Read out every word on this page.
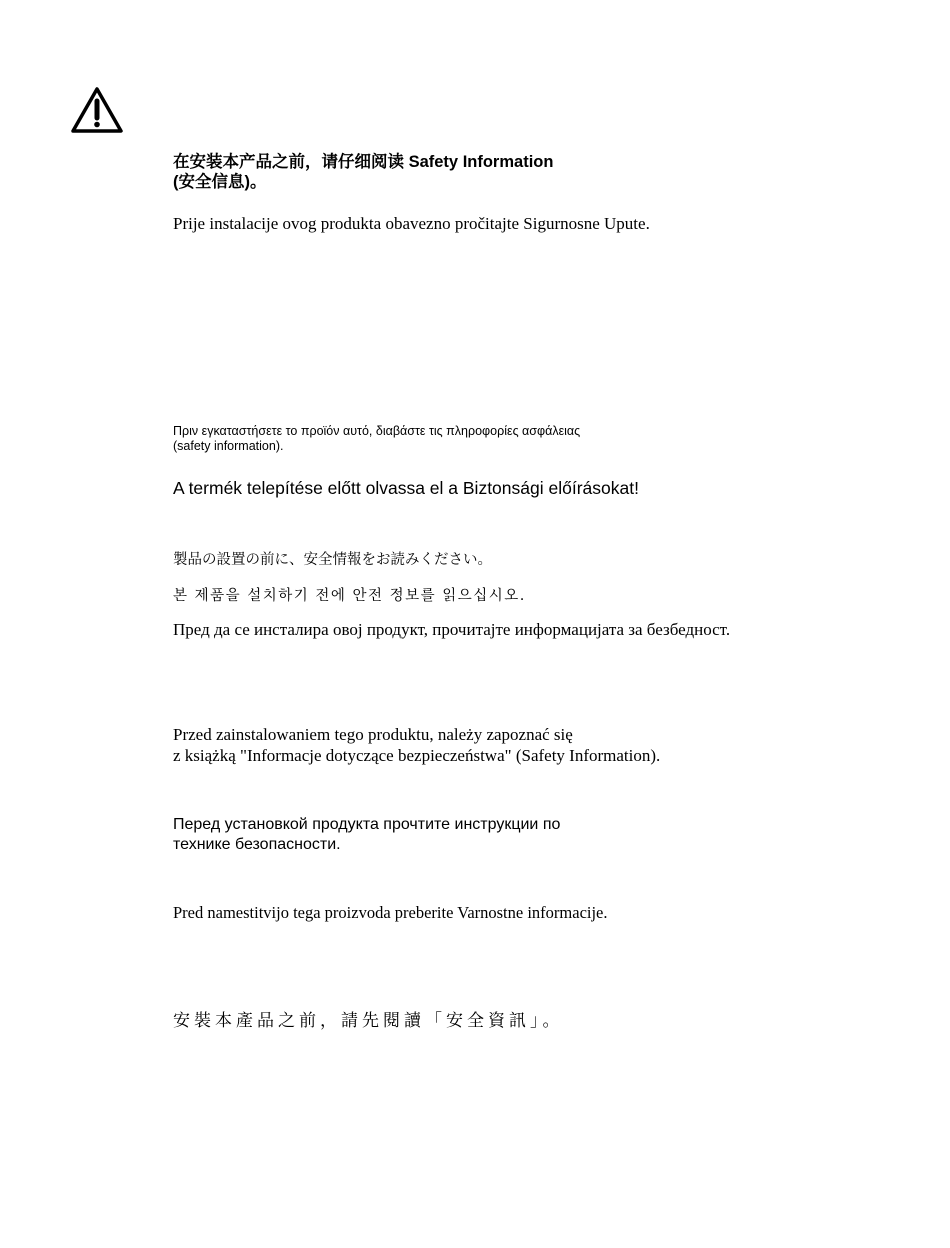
在安装本产品之前，请仔细阅读 Safety Information
(安全信息)。
Prije instalacije ovog produkta obavezno pročitajte Sigurnosne Upute.
Πριν εγκαταστήσετε το προϊόν αυτό, διαβάστε τις πληροφορίες ασφάλειας
(safety information).
A termék telepítése előtt olvassa el a Biztonsági előírásokat!
製品の設置の前に、安全情報をお読みください。
본 제품을 설치하기 전에 안전 정보를 읽으십시오.
Пред да се инсталира овој продукт, прочитајте информацијата за безбедност.
Przed zainstalowaniem tego produktu, należy zapoznać się
z książką "Informacje dotyczące bezpieczeństwa" (Safety Information).
Перед установкой продукта прочтите инструкции по
технике безопасности.
Pred namestitvijo tega proizvoda preberite Varnostne informacije.
安裝本產品之前，請先閱讀「安全資訊」。
